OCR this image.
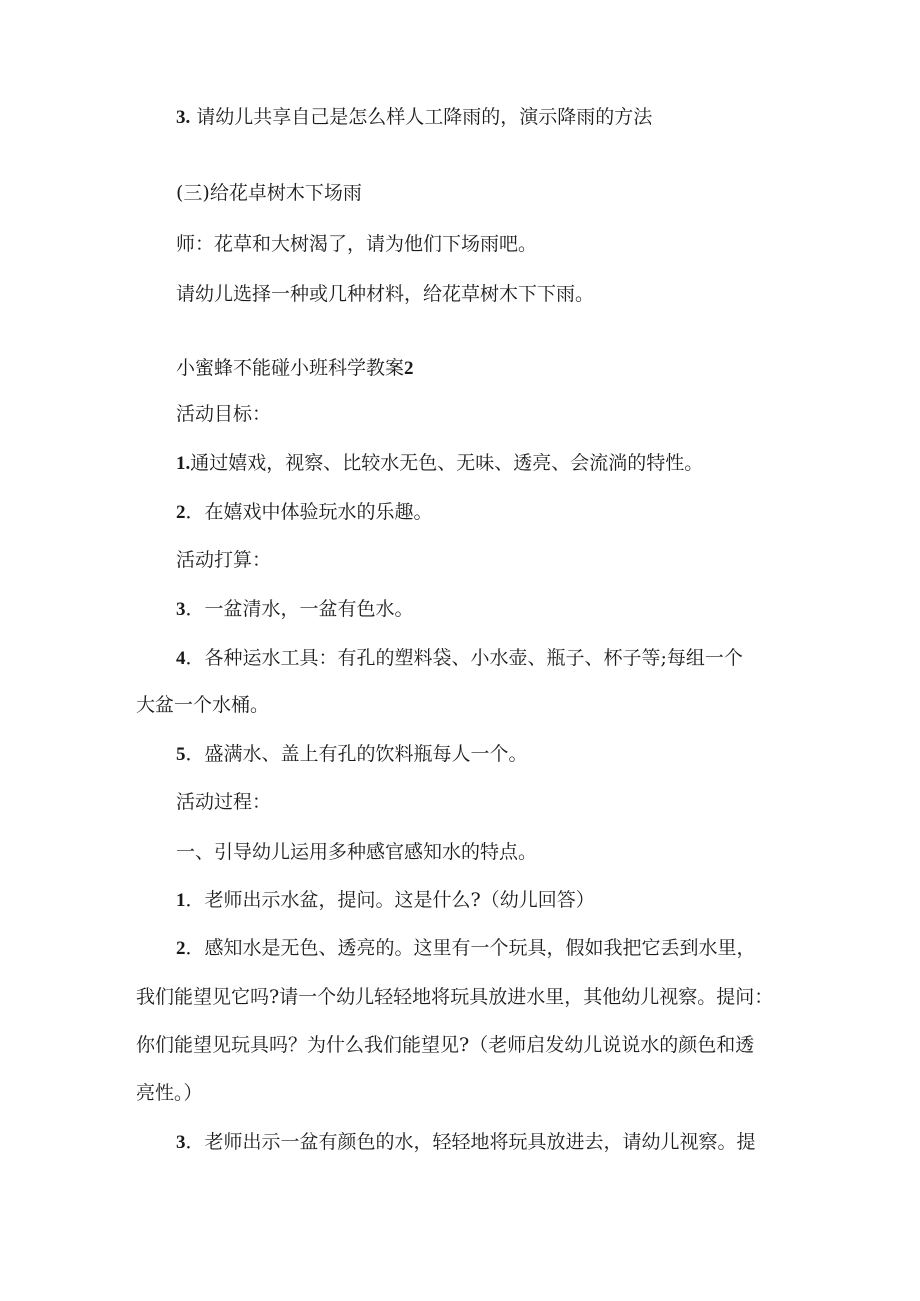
3. 请幼儿共享自己是怎么样人工降雨的，演示降雨的方法
(三)给花卓树木下场雨
师：花草和大树渴了，请为他们下场雨吧。
请幼儿选择一种或几种材料，给花草树木下下雨。
小蜜蜂不能碰小班科学教案2
活动目标：
1.通过嬉戏，视察、比较水无色、无味、透亮、会流淌的特性。
2．在嬉戏中体验玩水的乐趣。
活动打算：
3．一盆清水，一盆有色水。
4．各种运水工具：有孔的塑料袋、小水壶、瓶子、杯子等;每组一个
大盆一个水桶。
5．盛满水、盖上有孔的饮料瓶每人一个。
活动过程：
一、引导幼儿运用多种感官感知水的特点。
1．老师出示水盆，提问。这是什么?（幼儿回答）
2．感知水是无色、透亮的。这里有一个玩具，假如我把它丢到水里，
我们能望见它吗?请一个幼儿轻轻地将玩具放进水里，其他幼儿视察。提问：
你们能望见玩具吗？为什么我们能望见?（老师启发幼儿说说水的颜色和透
亮性。）
3．老师出示一盆有颜色的水，轻轻地将玩具放进去，请幼儿视察。提
